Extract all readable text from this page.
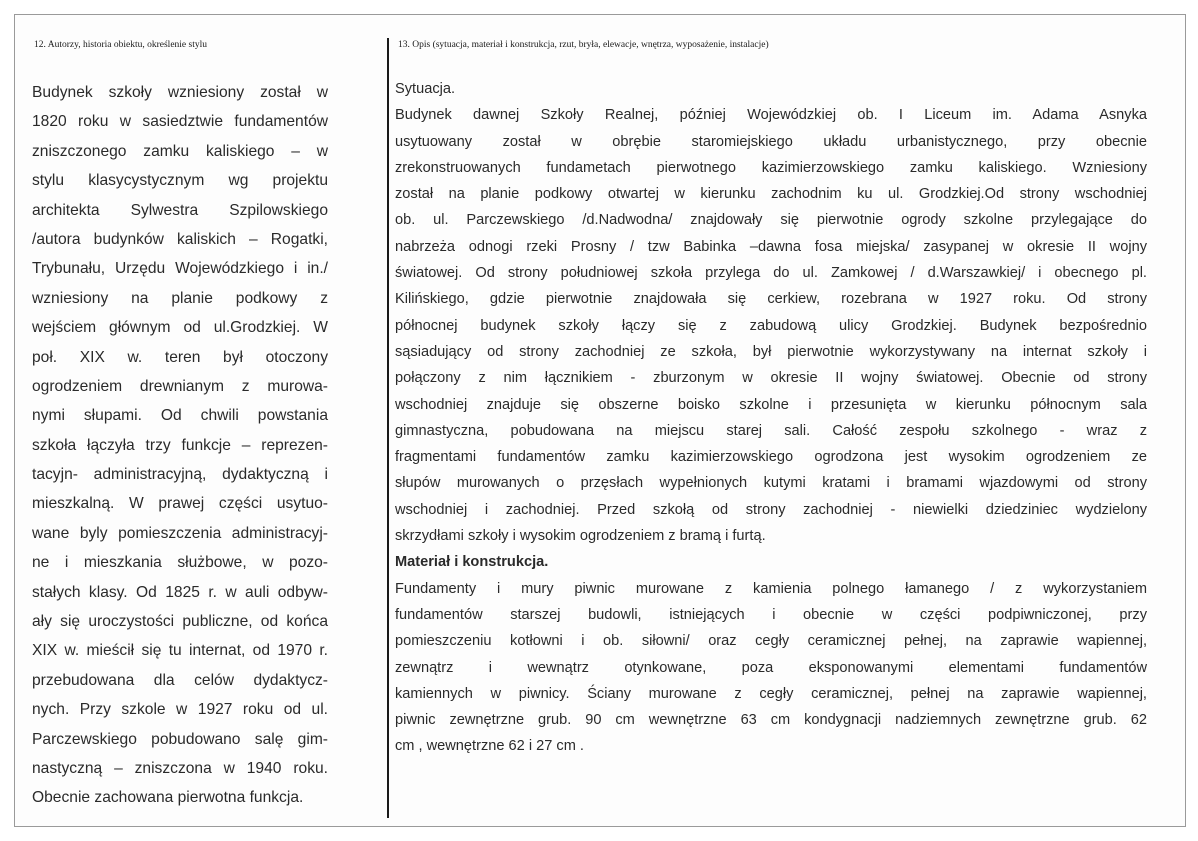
12. Autorzy, historia obiektu, określenie stylu	13. Opis (sytuacja, materiał i konstrukcja, rzut, bryła, elewacje, wnętrza, wyposażenie, instalacje)
Budynek szkoły wzniesiony został w
1820 roku w sasiedztwie fundamentów
zniszczonego zamku kaliskiego – w
stylu klasycystycznym wg projektu
architekta Sylwestra Szpilowskiego
/autora budynków kaliskich – Rogatki,
Trybunału, Urzędu Wojewódzkiego i in./
wzniesiony na planie podkowy z
wejściem głównym od ul.Grodzkiej. W
poł. XIX w. teren był otoczony
ogrodzeniem drewnianym z murowa-
nymi słupami. Od chwili powstania
szkoła łączyła trzy funkcje – reprezen-
tacyjn- administracyjną, dydaktyczną i
mieszkalną. W prawej części usytuo-
wane byly pomieszczenia administracyj-
ne i mieszkania służbowe, w pozo-
stałych klasy. Od 1825 r. w auli odbyw-
ały się uroczystości publiczne, od końca
XIX w. mieścił się tu internat, od 1970 r.
przebudowana dla celów dydaktycz-
nych. Przy szkole w 1927 roku od ul.
Parczewskiego pobudowano salę gim-
nastyczną – zniszczona w 1940 roku.
Obecnie zachowana pierwotna funkcja.
Sytuacja.
Budynek dawnej Szkoły Realnej, później Wojewódzkiej ob. I Liceum im. Adama Asnyka
usytuowany został w obrębie staromiejskiego układu urbanistycznego, przy obecnie
zrekonstruowanych fundametach pierwotnego kazimierzowskiego zamku kaliskiego. Wzniesiony
został na planie podkowy otwartej w kierunku zachodnim ku ul. Grodzkiej.Od strony wschodniej
ob. ul. Parczewskiego /d.Nadwodna/ znajdowały się pierwotnie ogrody szkolne przylegające do
nabrzeża odnogi rzeki Prosny / tzw Babinka –dawna fosa miejska/ zasypanej w okresie II wojny
światowej. Od strony południowej szkoła przylega do ul. Zamkowej / d.Warszawkiej/ i obecnego pl.
Kilińskiego, gdzie pierwotnie znajdowała się cerkiew, rozebrana w 1927 roku. Od strony
północnej budynek szkoły łączy się z zabudową ulicy Grodzkiej. Budynek bezpośrednio
sąsiadujący od strony zachodniej ze szkoła, był pierwotnie wykorzystywany na internat szkoły i
połączony z nim łącznikiem - zburzonym w okresie II wojny światowej. Obecnie od strony
wschodniej znajduje się obszerne boisko szkolne i przesunięta w kierunku północnym sala
gimnastyczna, pobudowana na miejscu starej sali. Całość zespołu szkolnego - wraz z
fragmentami fundamentów zamku kazimierzowskiego ogrodzona jest wysokim ogrodzeniem ze
słupów murowanych o przęsłach wypełnionych kutymi kratami i bramami wjazdowymi od strony
wschodniej i zachodniej. Przed szkołą od strony zachodniej - niewielki dziedziniec wydzielony
skrzydłami szkoły i wysokim ogrodzeniem z bramą i furtą.
Materiał i konstrukcja.
Fundamenty i mury piwnic murowane z kamienia polnego łamanego / z wykorzystaniem
fundamentów starszej budowli, istniejących i obecnie w części podpiwniczonej, przy
pomieszczeniu kotłowni i ob. siłowni/ oraz cegły ceramicznej pełnej, na zaprawie wapiennej,
zewnątrz i wewnątrz otynkowane, poza eksponowanymi elementami fundamentów
kamiennych w piwnicy. Ściany murowane z cegły ceramicznej, pełnej na zaprawie wapiennej,
piwnic zewnętrzne grub. 90 cm wewnętrzne 63 cm kondygnacji nadziemnych zewnętrzne grub. 62
cm , wewnętrzne 62 i 27 cm .
